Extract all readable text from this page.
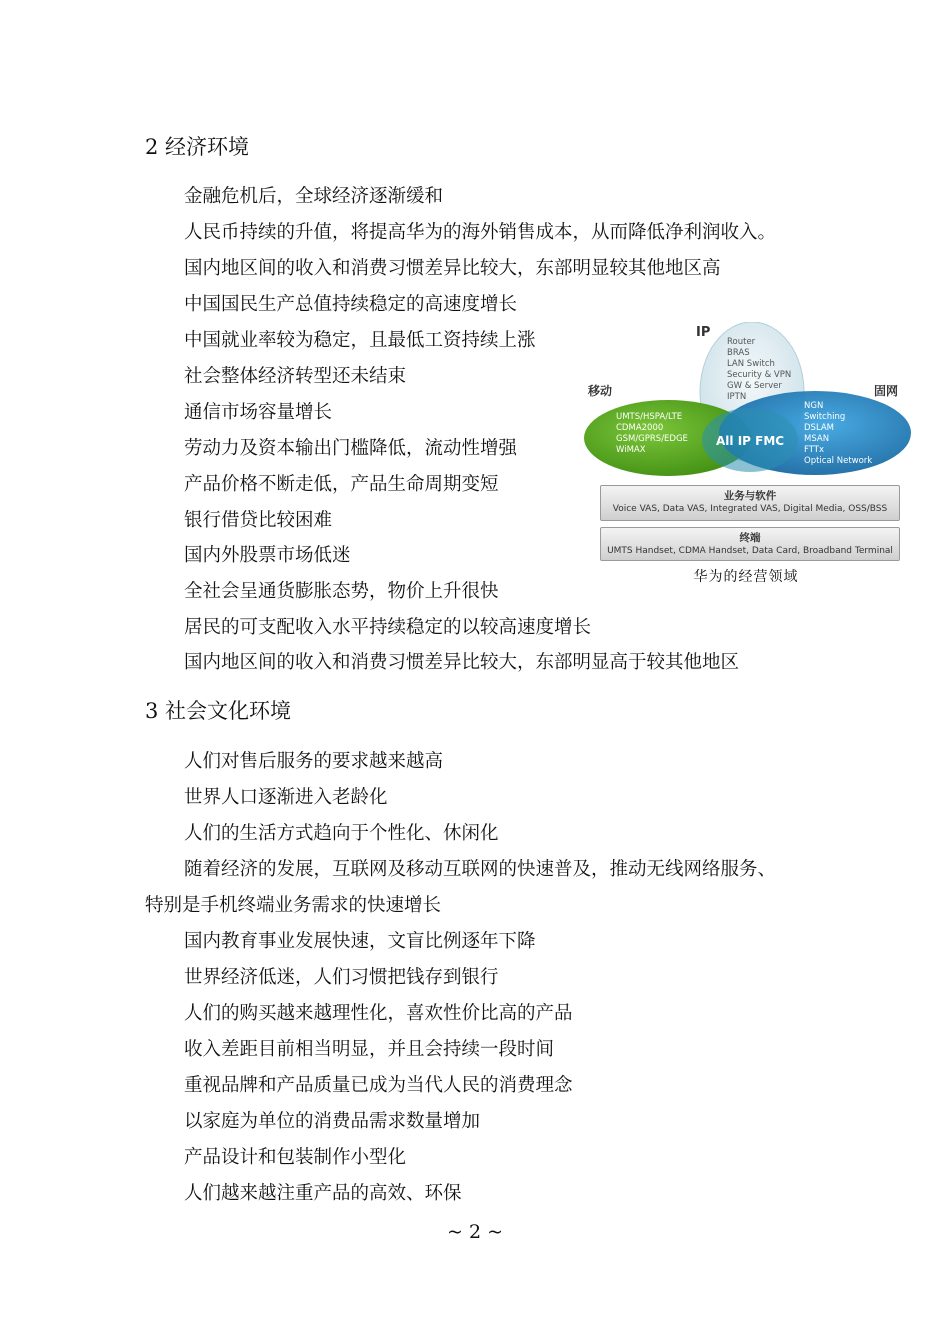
2 经济环境
金融危机后，全球经济逐渐缓和
人民币持续的升值，将提高华为的海外销售成本，从而降低净利润收入。
国内地区间的收入和消费习惯差异比较大，东部明显较其他地区高
中国国民生产总值持续稳定的高速度增长
中国就业率较为稳定，且最低工资持续上涨
社会整体经济转型还未结束
通信市场容量增长
劳动力及资本输出门槛降低，流动性增强
产品价格不断走低，产品生命周期变短
银行借贷比较困难
国内外股票市场低迷
全社会呈通货膨胀态势，物价上升很快
居民的可支配收入水平持续稳定的以较高速度增长
国内地区间的收入和消费习惯差异比较大，东部明显高于较其他地区
3 社会文化环境
人们对售后服务的要求越来越高
世界人口逐渐进入老龄化
人们的生活方式趋向于个性化、休闲化
随着经济的发展，互联网及移动互联网的快速普及，推动无线网络服务、
特别是手机终端业务需求的快速增长
国内教育事业发展快速，文盲比例逐年下降
世界经济低迷，人们习惯把钱存到银行
人们的购买越来越理性化，喜欢性价比高的产品
收入差距目前相当明显，并且会持续一段时间
重视品牌和产品质量已成为当代人民的消费理念
以家庭为单位的消费品需求数量增加
产品设计和包装制作小型化
人们越来越注重产品的高效、环保
IP
Router
BRAS
LAN Switch
Security & VPN
GW & Server
IPTN
移动
UMTS/HSPA/LTE
CDMA2000
GSM/GPRS/EDGE
WiMAX
固网
NGN
Switching
DSLAM
MSAN
FTTx
Optical Network
All IP FMC
业务与软件
Voice VAS, Data VAS, Integrated VAS, Digital Media, OSS/BSS
终端
UMTS Handset, CDMA Handset, Data Card, Broadband Terminal
华为的经营领域
~ 2 ~
